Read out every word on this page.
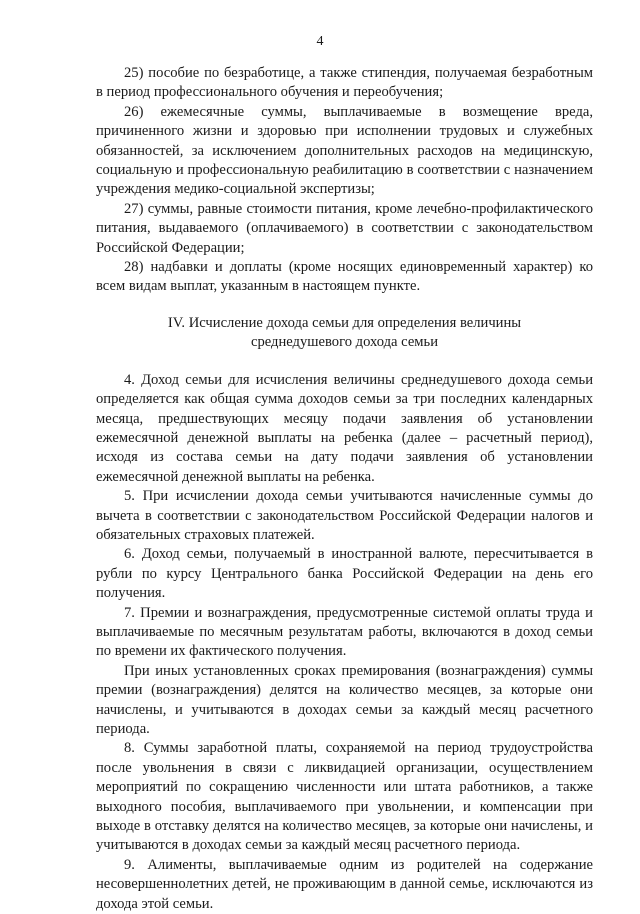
4

25) пособие по безработице, а также стипендия, получаемая безработным в период профессионального обучения и переобучения;

26) ежемесячные суммы, выплачиваемые в возмещение вреда, причиненного жизни и здоровью при исполнении трудовых и служебных обязанностей, за исключением дополнительных расходов на медицинскую, социальную и профессиональную реабилитацию в соответствии с назначением учреждения медико-социальной экспертизы;

27) суммы, равные стоимости питания, кроме лечебно-профилактического питания, выдаваемого (оплачиваемого) в соответствии с законодательством Российской Федерации;

28) надбавки и доплаты (кроме носящих единовременный характер) ко всем видам выплат, указанным в настоящем пункте.

IV. Исчисление дохода семьи для определения величины
среднедушевого дохода семьи

4. Доход семьи для исчисления величины среднедушевого дохода семьи определяется как общая сумма доходов семьи за три последних календарных месяца, предшествующих месяцу подачи заявления об установлении ежемесячной денежной выплаты на ребенка (далее – расчетный период), исходя из состава семьи на дату подачи заявления об установлении ежемесячной денежной выплаты на ребенка.

5. При исчислении дохода семьи учитываются начисленные суммы до вычета в соответствии с законодательством Российской Федерации налогов и обязательных страховых платежей.

6. Доход семьи, получаемый в иностранной валюте, пересчитывается в рубли по курсу Центрального банка Российской Федерации на день его получения.

7. Премии и вознаграждения, предусмотренные системой оплаты труда и выплачиваемые по месячным результатам работы, включаются в доход семьи по времени их фактического получения.

При иных установленных сроках премирования (вознаграждения) суммы премии (вознаграждения) делятся на количество месяцев, за которые они начислены, и учитываются в доходах семьи за каждый месяц расчетного периода.

8. Суммы заработной платы, сохраняемой на период трудоустройства после увольнения в связи с ликвидацией организации, осуществлением мероприятий по сокращению численности или штата работников, а также выходного пособия, выплачиваемого при увольнении, и компенсации при выходе в отставку делятся на количество месяцев, за которые они начислены, и учитываются в доходах семьи за каждый месяц расчетного периода.

9. Алименты, выплачиваемые одним из родителей на содержание несовершеннолетних детей, не проживающим в данной семье, исключаются из дохода этой семьи.
